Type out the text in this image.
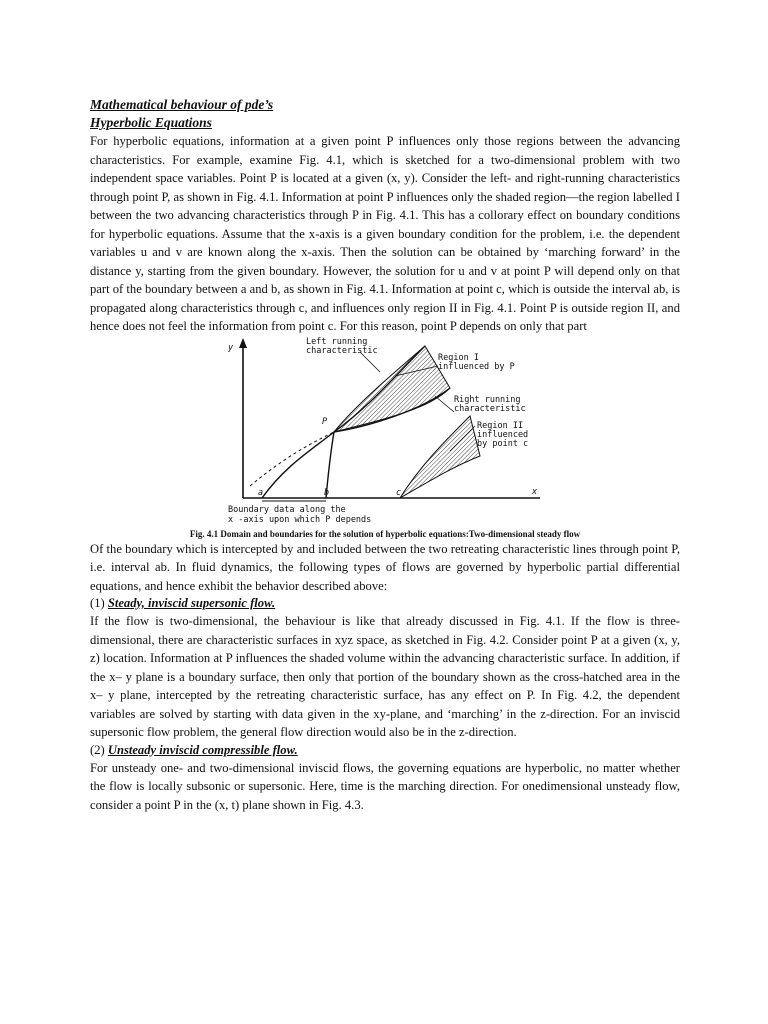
Mathematical behaviour of pde’s

Hyperbolic Equations

For hyperbolic equations, information at a given point P influences only those regions between the advancing characteristics. For example, examine Fig. 4.1, which is sketched for a two-dimensional problem with two independent space variables. Point P is located at a given (x, y). Consider the left- and right-running characteristics through point P, as shown in Fig. 4.1. Information at point P influences only the shaded region—the region labelled I between the two advancing characteristics through P in Fig. 4.1. This has a collorary effect on boundary conditions for hyperbolic equations. Assume that the x-axis is a given boundary condition for the problem, i.e. the dependent variables u and v are known along the x-axis. Then the solution can be obtained by ‘marching forward’ in the distance y, starting from the given boundary. However, the solution for u and v at point P will depend only on that part of the boundary between a and b, as shown in Fig. 4.1. Information at point c, which is outside the interval ab, is propagated along characteristics through c, and influences only region II in Fig. 4.1. Point P is outside region II, and hence does not feel the information from point c. For this reason, point P depends on only that part

y
x
Left running
characteristic
Region I
influenced by P
Right running
characteristic
Region II
influenced
by point c
P
a	b	c
Boundary data along the
x -axis upon which P depends

Fig. 4.1 Domain and boundaries for the solution of hyperbolic equations:Two-dimensional steady flow

Of the boundary which is intercepted by and included between the two retreating characteristic lines through point P, i.e. interval ab. In fluid dynamics, the following types of flows are governed by hyperbolic partial differential equations, and hence exhibit the behavior described above:

(1) Steady, inviscid supersonic flow.

If the flow is two-dimensional, the behaviour is like that already discussed in Fig. 4.1. If the flow is three-dimensional, there are characteristic surfaces in xyz space, as sketched in Fig. 4.2. Consider point P at a given (x, y, z) location. Information at P influences the shaded volume within the advancing characteristic surface. In addition, if the x– y plane is a boundary surface, then only that portion of the boundary shown as the cross-hatched area in the x– y plane, intercepted by the retreating characteristic surface, has any effect on P. In Fig. 4.2, the dependent variables are solved by starting with data given in the xy-plane, and ‘marching’ in the z-direction. For an inviscid supersonic flow problem, the general flow direction would also be in the z-direction.

(2) Unsteady inviscid compressible flow.

For unsteady one- and two-dimensional inviscid flows, the governing equations are hyperbolic, no matter whether the flow is locally subsonic or supersonic. Here, time is the marching direction. For onedimensional unsteady flow, consider a point P in the (x, t) plane shown in Fig. 4.3.
